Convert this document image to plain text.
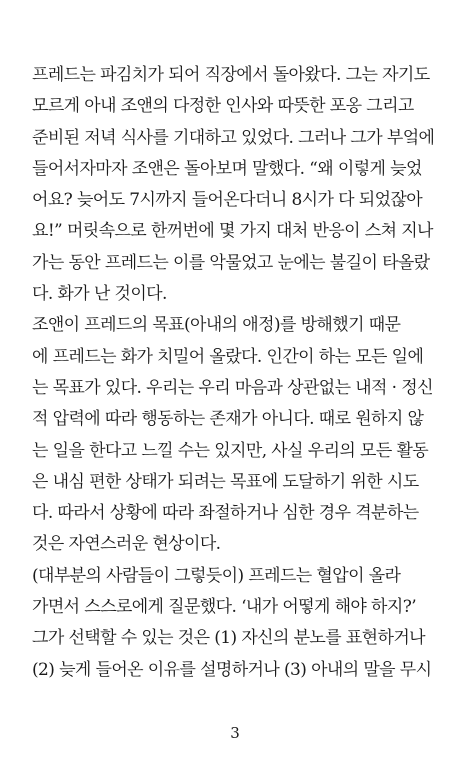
프레드는 파김치가 되어 직장에서 돌아왔다. 그는 자기도
모르게 아내 조앤의 다정한 인사와 따뜻한 포옹 그리고
준비된 저녁 식사를 기대하고 있었다. 그러나 그가 부엌에
들어서자마자 조앤은 돌아보며 말했다. “왜 이렇게 늦었
어요? 늦어도 7시까지 들어온다더니 8시가 다 되었잖아
요!” 머릿속으로 한꺼번에 몇 가지 대처 반응이 스쳐 지나
가는 동안 프레드는 이를 악물었고 눈에는 불길이 타올랐
다. 화가 난 것이다.
조앤이 프레드의 목표(아내의 애정)를 방해했기 때문
에 프레드는 화가 치밀어 올랐다. 인간이 하는 모든 일에
는 목표가 있다. 우리는 우리 마음과 상관없는 내적 · 정신
적 압력에 따라 행동하는 존재가 아니다. 때로 원하지 않
는 일을 한다고 느낄 수는 있지만, 사실 우리의 모든 활동
은 내심 편한 상태가 되려는 목표에 도달하기 위한 시도
다. 따라서 상황에 따라 좌절하거나 심한 경우 격분하는
것은 자연스러운 현상이다.
(대부분의 사람들이 그렇듯이) 프레드는 혈압이 올라
가면서 스스로에게 질문했다. ‘내가 어떻게 해야 하지?’
그가 선택할 수 있는 것은 (1) 자신의 분노를 표현하거나
(2) 늦게 들어온 이유를 설명하거나 (3) 아내의 말을 무시
3
